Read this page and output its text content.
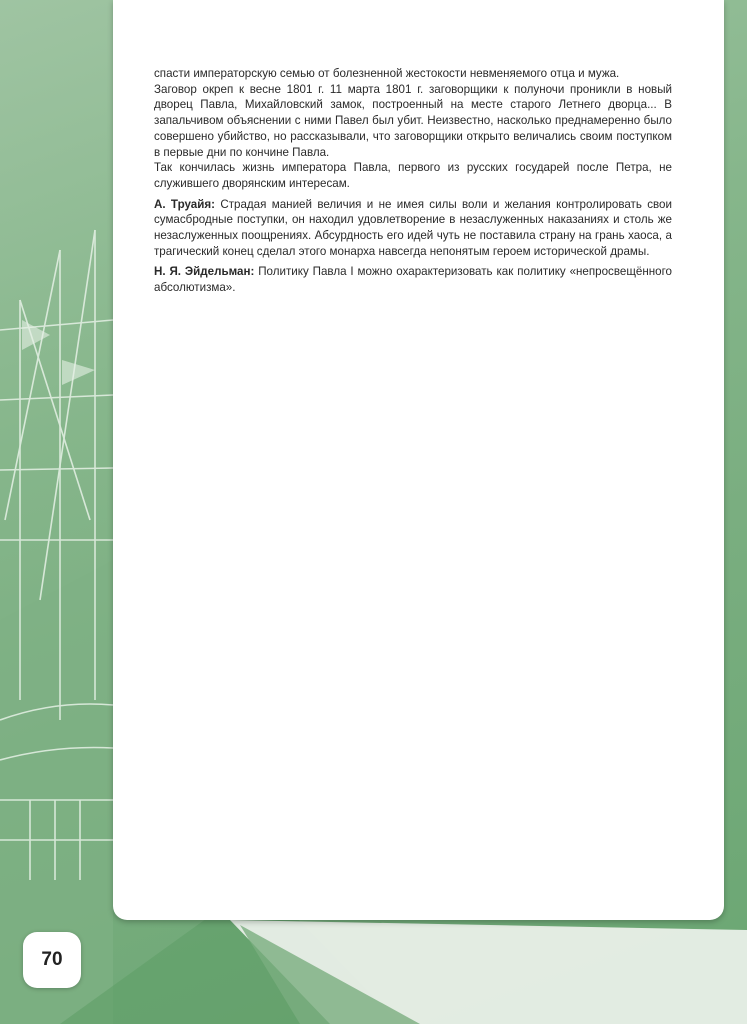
спасти императорскую семью от болезненной жестокости невменяемого отца и мужа.

Заговор окреп к весне 1801 г. 11 марта 1801 г. заговорщики к полуночи проникли в новый дворец Павла, Михайловский замок, построенный на месте старого Летнего дворца... В запальчивом объяснении с ними Павел был убит. Неизвестно, насколько преднамеренно было совершено убийство, но рассказывали, что заговорщики открыто величались своим поступком в первые дни по кончине Павла.

Так кончилась жизнь императора Павла, первого из русских государей после Петра, не служившего дворянским интересам.

А. Труайя: Страдая манией величия и не имея силы воли и желания контролировать свои сумасбродные поступки, он находил удовлетворение в незаслуженных наказаниях и столь же незаслуженных поощрениях. Абсурдность его идей чуть не поставила страну на грань хаоса, а трагический конец сделал этого монарха навсегда непонятым героем исторической драмы.

Н. Я. Эйдельман: Политику Павла I можно охарактеризовать как политику «непросвещённого абсолютизма».

70
